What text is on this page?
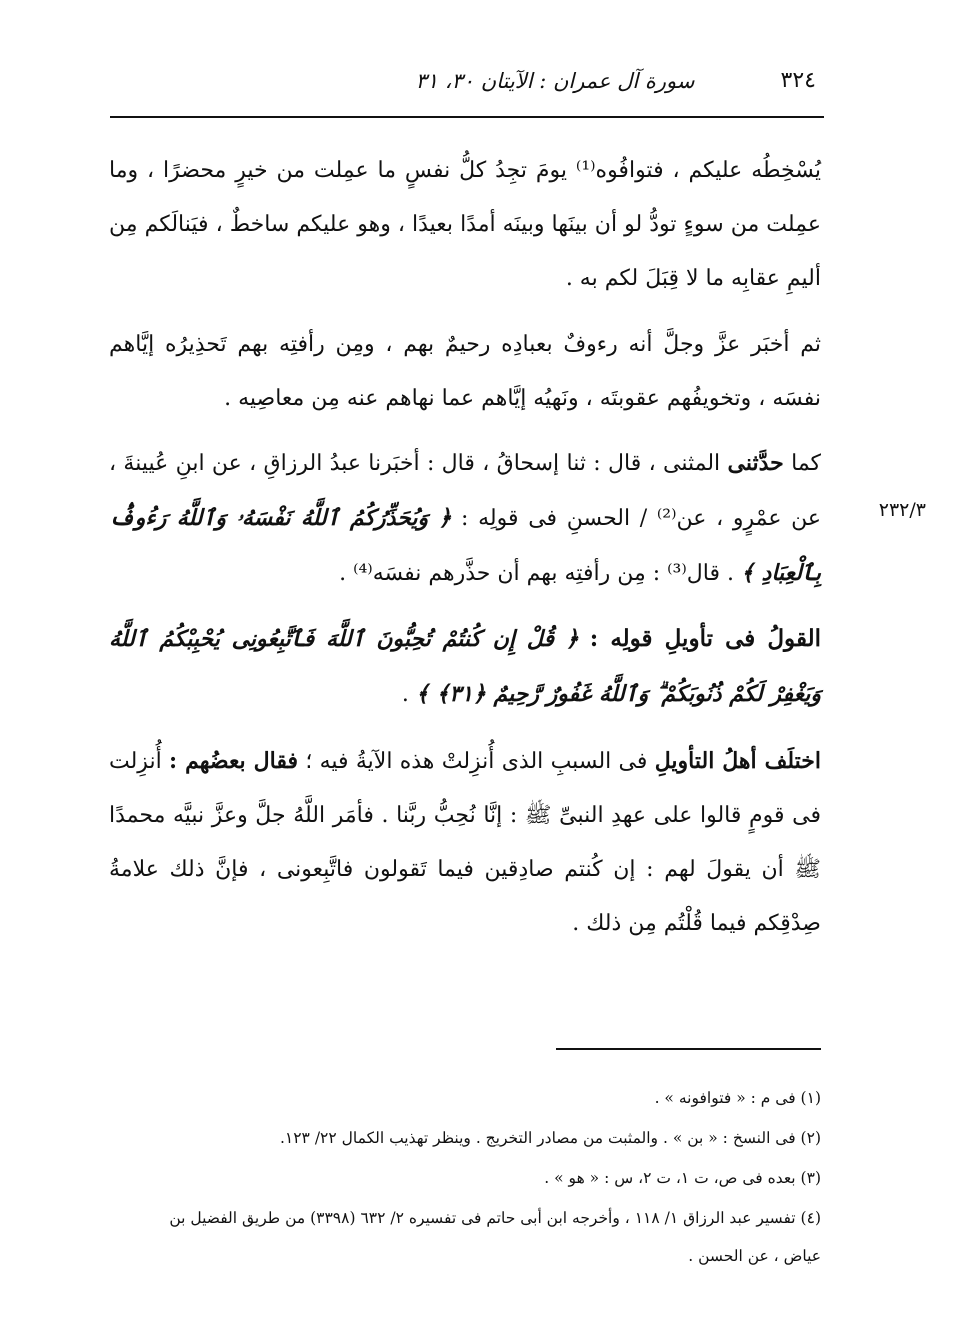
٣٢٤
سورة آل عمران : الآيتان ٣٠، ٣١
يُسْخِطُه عليكم ، فتوافُوه⁽¹⁾ يومَ تجِدُ كلُّ نفسٍ ما عمِلت من خيرٍ محضرًا ، وما عمِلت من سوءٍ تودُّ لو أن بينَها وبينَه أمدًا بعيدًا ، وهو عليكم ساخطٌ ، فيَنالَكم مِن أليمِ عقابِه ما لا قِبَلَ لكم به .
ثم أخبَر عزَّ وجلَّ أنه رءوفٌ بعبادِه رحيمٌ بهم ، ومِن رأفتِه بهم تَحذِيرُه إيَّاهم نفسَه ، وتخويفُهم عقوبتَه ، ونَهيُه إيَّاهم عما نهاهم عنه مِن معاصِيه .
كما حدَّثنى المثنى ، قال : ثنا إسحاقُ ، قال : أخبَرنا عبدُ الرزاقِ ، عن ابنِ عُيينةَ ، عن عمْرٍو ، عن⁽²⁾ / الحسنِ فى قولِه : ﴿ وَيُحَذِّرُكُمُ ٱللَّهُ نَفْسَهُۥ وَٱللَّهُ رَءُوفُۢ بِٱلْعِبَادِ ﴾ . قال⁽³⁾ : مِن رأفتِه بهم أن حذَّرهم نفسَه⁽⁴⁾ .
٢٣٢/٣
القولُ فى تأويلِ قولِه : ﴿ قُلْ إِن كُنتُمْ تُحِبُّونَ ٱللَّهَ فَٱتَّبِعُونِى يُحْبِبْكُمُ ٱللَّهُ وَيَغْفِرْ لَكُمْ ذُنُوبَكُمْ ۗ وَٱللَّهُ غَفُورٌ رَّحِيمٌ ﴿٣١﴾ ﴾ .
اختلَف أهلُ التأويلِ فى السببِ الذى أُنزِلتْ هذه الآيةُ فيه ؛ فقال بعضُهم : أُنزِلت فى قومٍ قالوا على عهدِ النبىِّ ﷺ : إنَّا نُحِبُّ ربَّنا . فأمَر اللَّهُ جلَّ وعزَّ نبيَّه محمدًا ﷺ أن يقولَ لهم : إن كُنتم صادِقين فيما تَقولون فاتَّبِعونى ، فإنَّ ذلك علامةُ صِدْقِكم فيما قُلْتُم مِن ذلك .
(١) فى م : « فتوافونه » .
(٢) فى النسخ : « بن » . والمثبت من مصادر التخريج . وينظر تهذيب الكمال ٢٢/ ١٢٣.
(٣) بعده فى ص، ت ١، ت ٢، س : « هو » .
(٤) تفسير عبد الرزاق ١/ ١١٨ ، وأخرجه ابن أبى حاتم فى تفسيره ٢/ ٦٣٢ (٣٣٩٨) من طريق الفضيل بن
عياض ، عن الحسن .
